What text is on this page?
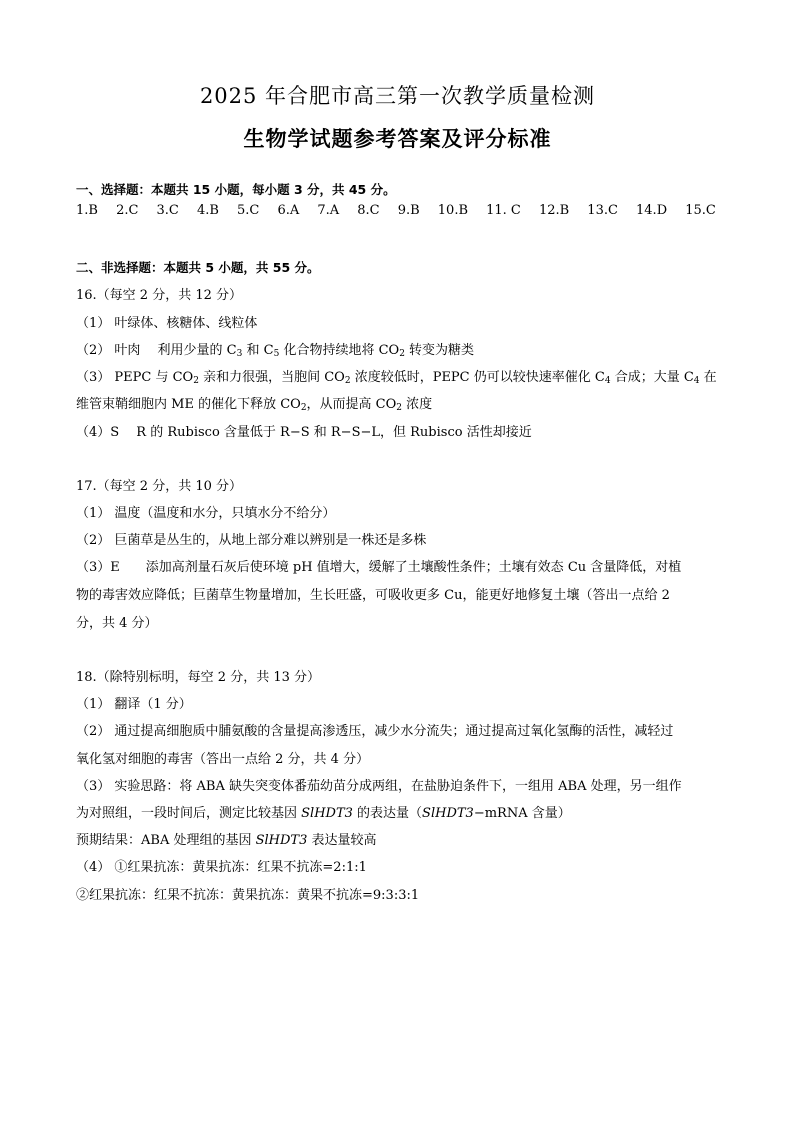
2025 年合肥市高三第一次教学质量检测
生物学试题参考答案及评分标准
一、选择题：本题共 15 小题，每小题 3 分，共 45 分。
1.B 2.C 3.C 4.B 5.C 6.A 7.A 8.C 9.B 10.B 11. C 12.B 13.C 14.D 15.C
二、非选择题：本题共 5 小题，共 55 分。
16.（每空 2 分，共 12 分）
（1） 叶绿体、核糖体、线粒体
（2） 叶肉　 利用少量的 $C_3$ 和 $C_5$ 化合物持续地将 $CO_2$ 转变为糖类
（3） PEPC 与 $CO_2$ 亲和力很强，当胞间 $CO_2$ 浓度较低时，PEPC 仍可以较快速率催化 $C_4$ 合成；大量 $C_4$ 在
维管束鞘细胞内 ME 的催化下释放 $CO_2$，从而提高 $CO_2$ 浓度
（4）S　 R 的 Rubisco 含量低于 R−S 和 R−S−L，但 Rubisco 活性却接近
17.（每空 2 分，共 10 分）
（1） 温度（温度和水分，只填水分不给分）
（2） 巨菌草是丛生的，从地上部分难以辨别是一株还是多株
（3）E　　添加高剂量石灰后使环境 pH 值增大，缓解了土壤酸性条件；土壤有效态 Cu 含量降低，对植
物的毒害效应降低；巨菌草生物量增加，生长旺盛，可吸收更多 Cu，能更好地修复土壤（答出一点给 2
分，共 4 分）
18.（除特别标明，每空 2 分，共 13 分）
（1） 翻译（1 分）
（2） 通过提高细胞质中脯氨酸的含量提高渗透压，减少水分流失；通过提高过氧化氢酶的活性，减轻过
氧化氢对细胞的毒害（答出一点给 2 分，共 4 分）
（3） 实验思路：将 ABA 缺失突变体番茄幼苗分成两组，在盐胁迫条件下，一组用 ABA 处理，另一组作
为对照组，一段时间后，测定比较基因 SlHDT3 的表达量（SlHDT3−mRNA 含量）
预期结果：ABA 处理组的基因 SlHDT3 表达量较高
（4） ①红果抗冻：黄果抗冻：红果不抗冻=2:1:1
②红果抗冻：红果不抗冻：黄果抗冻：黄果不抗冻=9:3:3:1
